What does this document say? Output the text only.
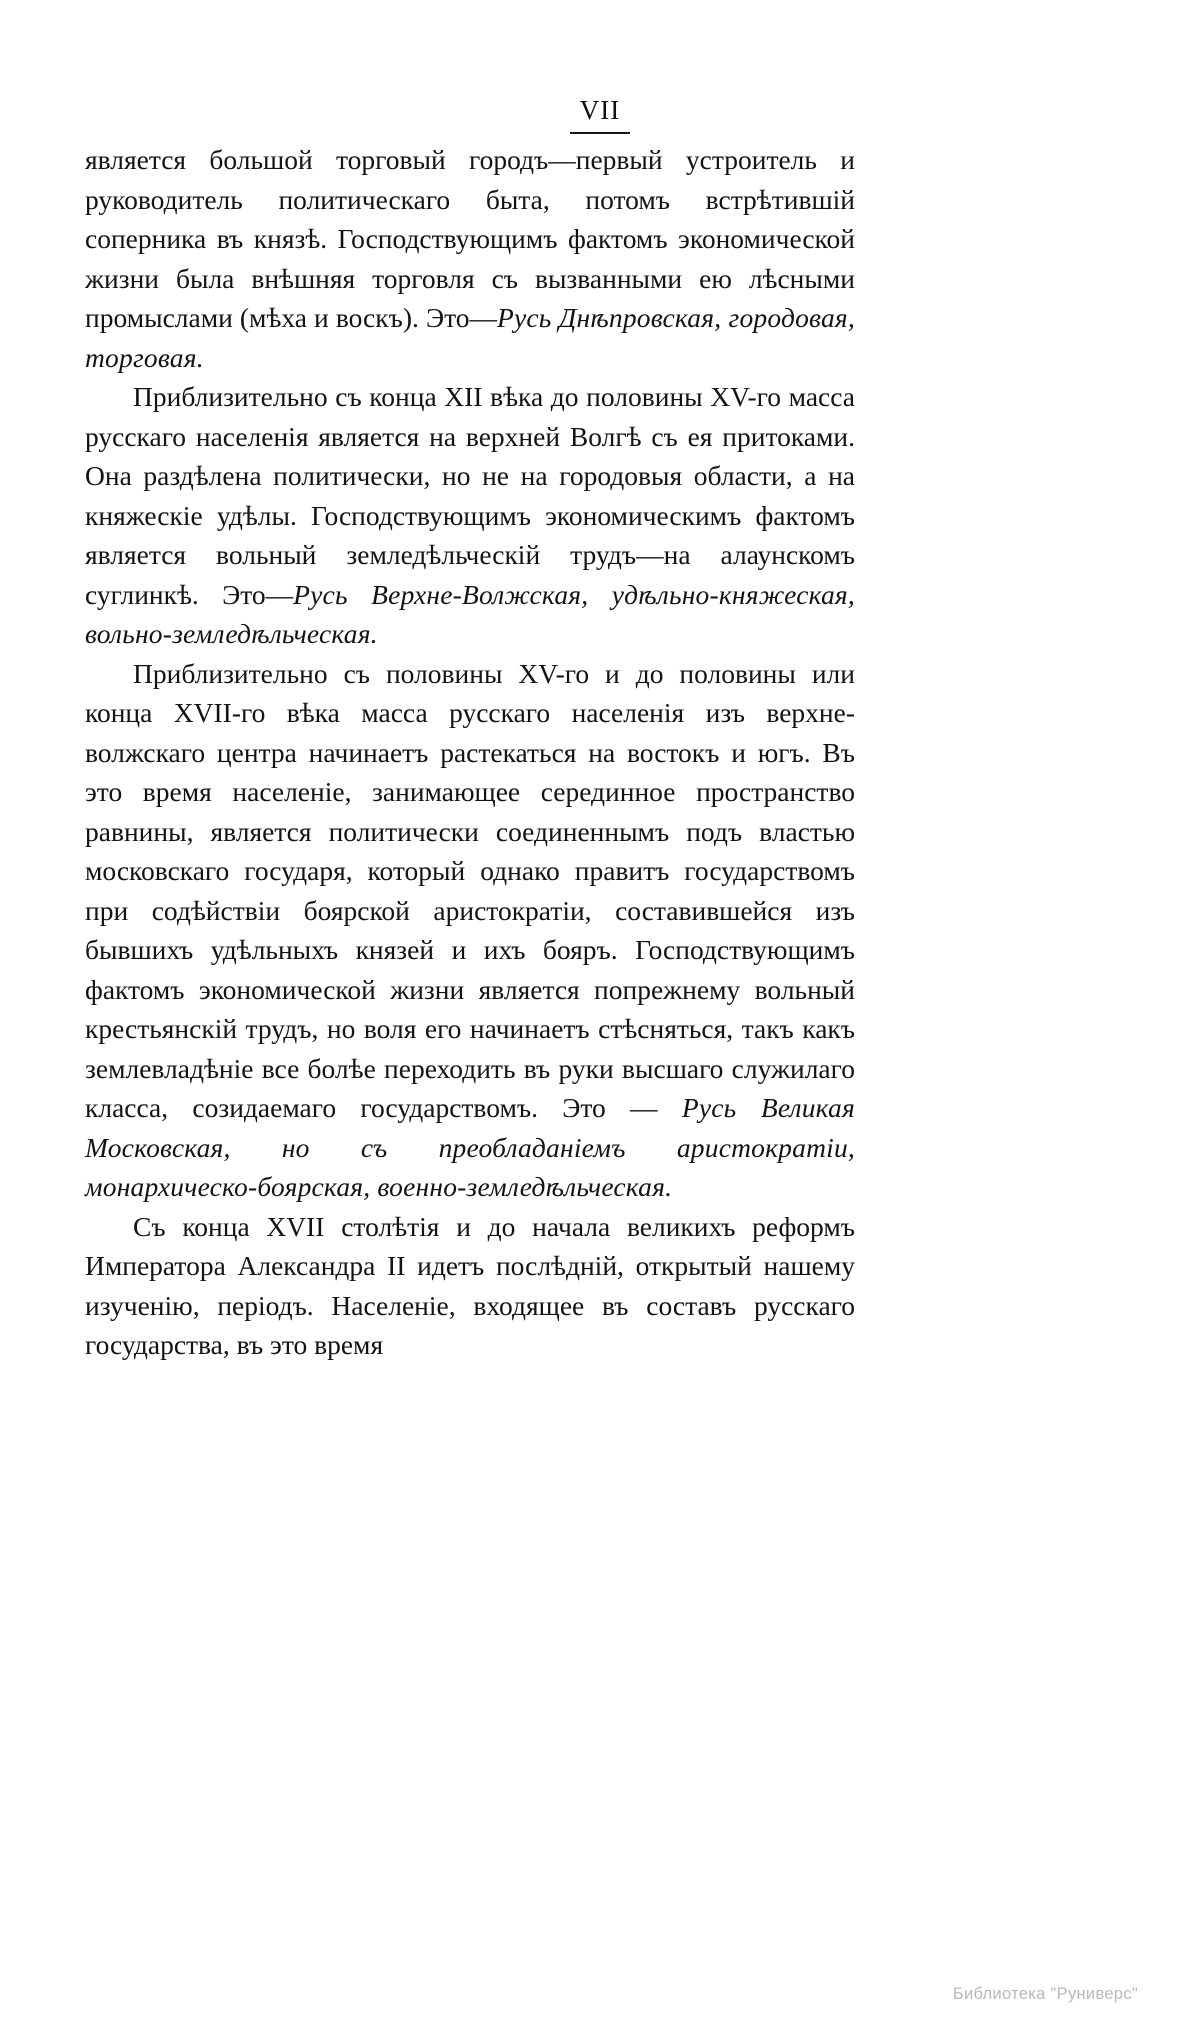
VII

является большой торговый городъ—первый устроитель и руководитель политическаго быта, потомъ встрѣтившій соперника въ князѣ. Господствующимъ фактомъ экономической жизни была внѣшняя торговля съ вызванными ею лѣсными промыслами (мѣха и воскъ). Это—Русь Днѣпровская, городовая, торговая.

Приблизительно съ конца XII вѣка до половины XV-го масса русскаго населенія является на верхней Волгѣ съ ея притоками. Она раздѣлена политически, но не на городовыя области, а на княжескіе удѣлы. Господствующимъ экономическимъ фактомъ является вольный земледѣльческій трудъ—на алаунскомъ суглинкѣ. Это—Русь Верхне-Волжская, удѣльно-княжеская, вольно-земледѣльческая.

Приблизительно съ половины XV-го и до половины или конца XVII-го вѣка масса русскаго населенія изъ верхне-волжскаго центра начинаетъ растекаться на востокъ и югъ. Въ это время населеніе, занимающее серединное пространство равнины, является политически соединеннымъ подъ властью московскаго государя, который однако правитъ государствомъ при содѣйствіи боярской аристократіи, составившейся изъ бывшихъ удѣльныхъ князей и ихъ бояръ. Господствующимъ фактомъ экономической жизни является попрежнему вольный крестьянскій трудъ, но воля его начинаетъ стѣсняться, такъ какъ землевладѣніе все болѣе переходить въ руки высшаго служилаго класса, созидаемаго государствомъ. Это — Русь Великая Московская, но съ преобладаніемъ аристократіи, монархическо-боярская, военно-земледѣльческая.

Съ конца XVII столѣтія и до начала великихъ реформъ Императора Александра II идетъ послѣдній, открытый нашему изученію, періодъ. Населеніе, входящее въ составъ русскаго государства, въ это время

Библиотека "Руниверс"
